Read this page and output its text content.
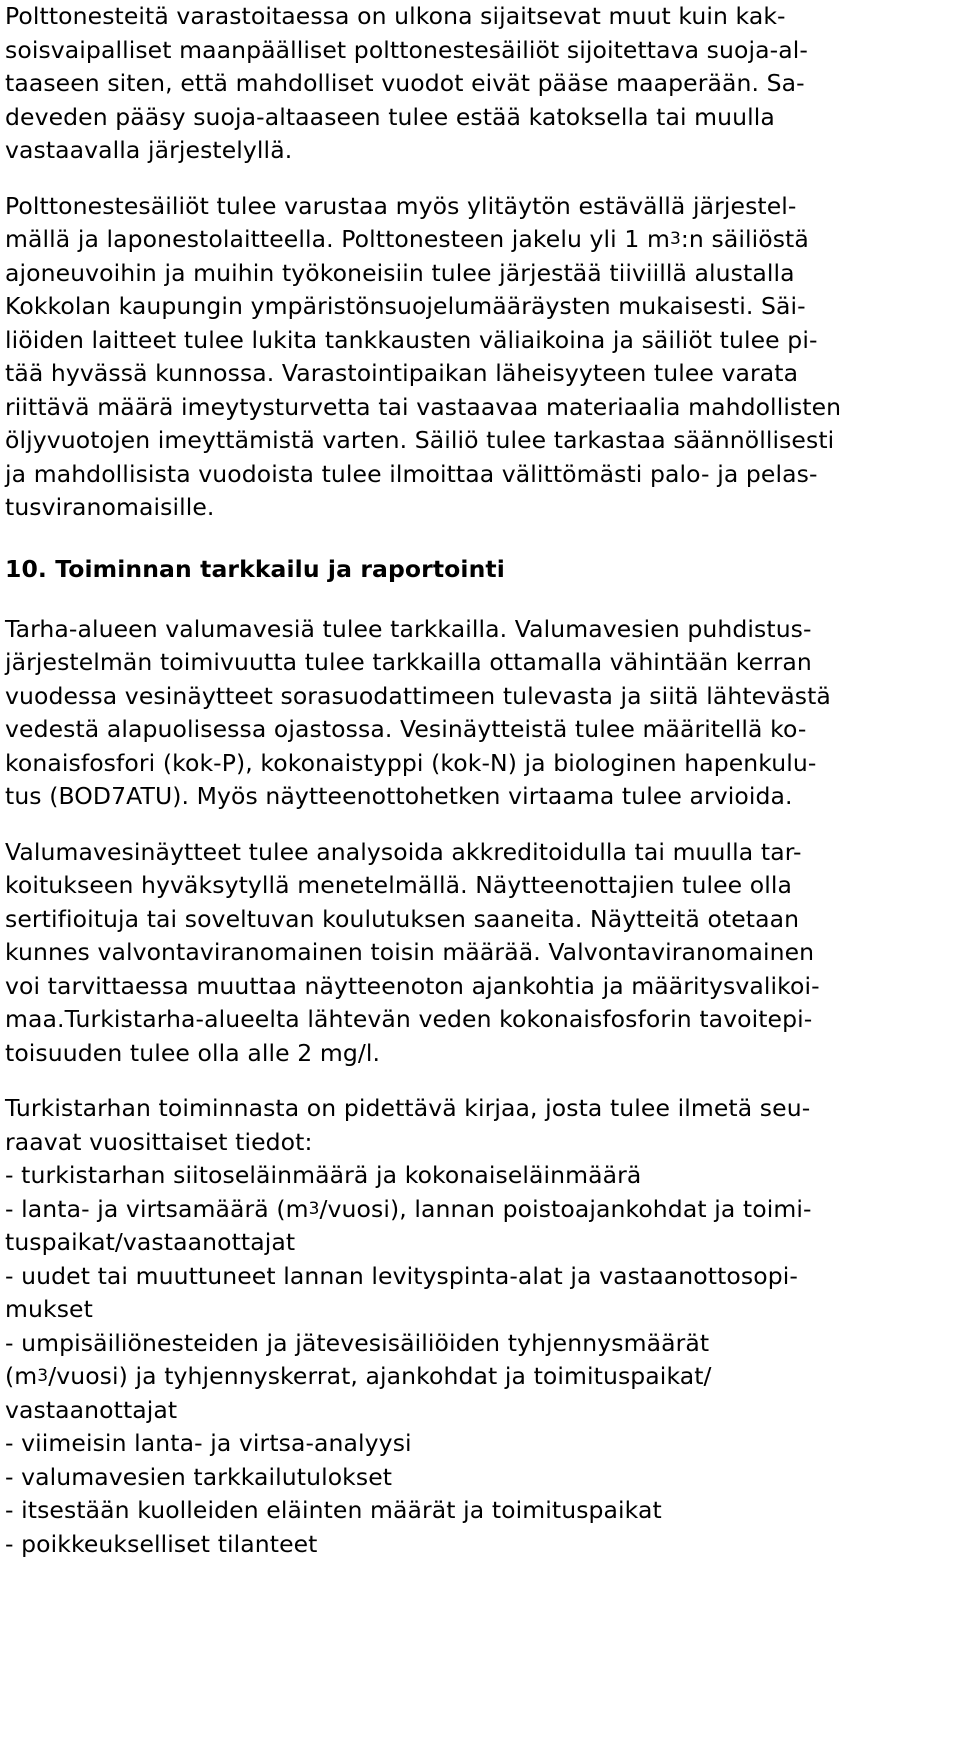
Polttonesteitä varastoitaessa on ulkona sijaitsevat muut kuin kak-
soisvaipalliset maanpäälliset polttonestesäiliöt sijoitettava suoja-al-
taaseen siten, että mahdolliset vuodot eivät pääse maaperään. Sa-
deveden pääsy suoja-altaaseen tulee estää katoksella tai muulla
vastaavalla järjestelyllä.
Polttonestesäiliöt tulee varustaa myös ylitäytön estävällä järjestel-
mällä ja laponestolaitteella. Polttonesteen jakelu yli 1 $m^3:n$ säiliöstä
ajoneuvoihin ja muihin työkoneisiin tulee järjestää tiiviillä alustalla
Kokkolan kaupungin ympäristönsuojelumääräysten mukaisesti. Säi-
liöiden laitteet tulee lukita tankkausten väliaikoina ja säiliöt tulee pi-
tää hyvässä kunnossa. Varastointipaikan läheisyyteen tulee varata
riittävä määrä imeytysturvetta tai vastaavaa materiaalia mahdollisten
öljyvuotojen imeyttämistä varten. Säiliö tulee tarkastaa säännöllisesti
ja mahdollisista vuodoista tulee ilmoittaa välittömästi palo- ja pelas-
tusviranomaisille.
10. Toiminnan tarkkailu ja raportointi
Tarha-alueen valumavesiä tulee tarkkailla. Valumavesien puhdistus-
järjestelmän toimivuutta tulee tarkkailla ottamalla vähintään kerran
vuodessa vesinäytteet sorasuodattimeen tulevasta ja siitä lähtevästä
vedestä alapuolisessa ojastossa. Vesinäytteistä tulee määritellä ko-
konaisfosfori (kok-P), kokonaistyppi (kok-N) ja biologinen hapenkulu-
tus (BOD7ATU). Myös näytteenottohetken virtaama tulee arvioida.
Valumavesinäytteet tulee analysoida akkreditoidulla tai muulla tar-
koitukseen hyväksytyllä menetelmällä. Näytteenottajien tulee olla
sertifioituja tai soveltuvan koulutuksen saaneita. Näytteitä otetaan
kunnes valvontaviranomainen toisin määrää. Valvontaviranomainen
voi tarvittaessa muuttaa näytteenoton ajankohtia ja määritysvalikoi-
maa.Turkistarha-alueelta lähtevän veden kokonaisfosforin tavoitepi-
toisuuden tulee olla alle 2 mg/l.
Turkistarhan toiminnasta on pidettävä kirjaa, josta tulee ilmetä seu-
raavat vuosittaiset tiedot:
- turkistarhan siitoseläinmäärä ja kokonaiseläinmäärä
- lanta- ja virtsamäärä $(m^3/vuosi)$, lannan poistoajankohdat ja toimi-
tuspaikat/vastaanottajat
- uudet tai muuttuneet lannan levityspinta-alat ja vastaanottosopi-
mukset
- umpisäiliönesteiden ja jätevesisäiliöiden tyhjennysmäärät
$(m^3/vuosi)$ ja tyhjennyskerrat, ajankohdat ja toimituspaikat/
vastaanottajat
- viimeisin lanta- ja virtsa-analyysi
- valumavesien tarkkailutulokset
- itsestään kuolleiden eläinten määrät ja toimituspaikat
- poikkeukselliset tilanteet
